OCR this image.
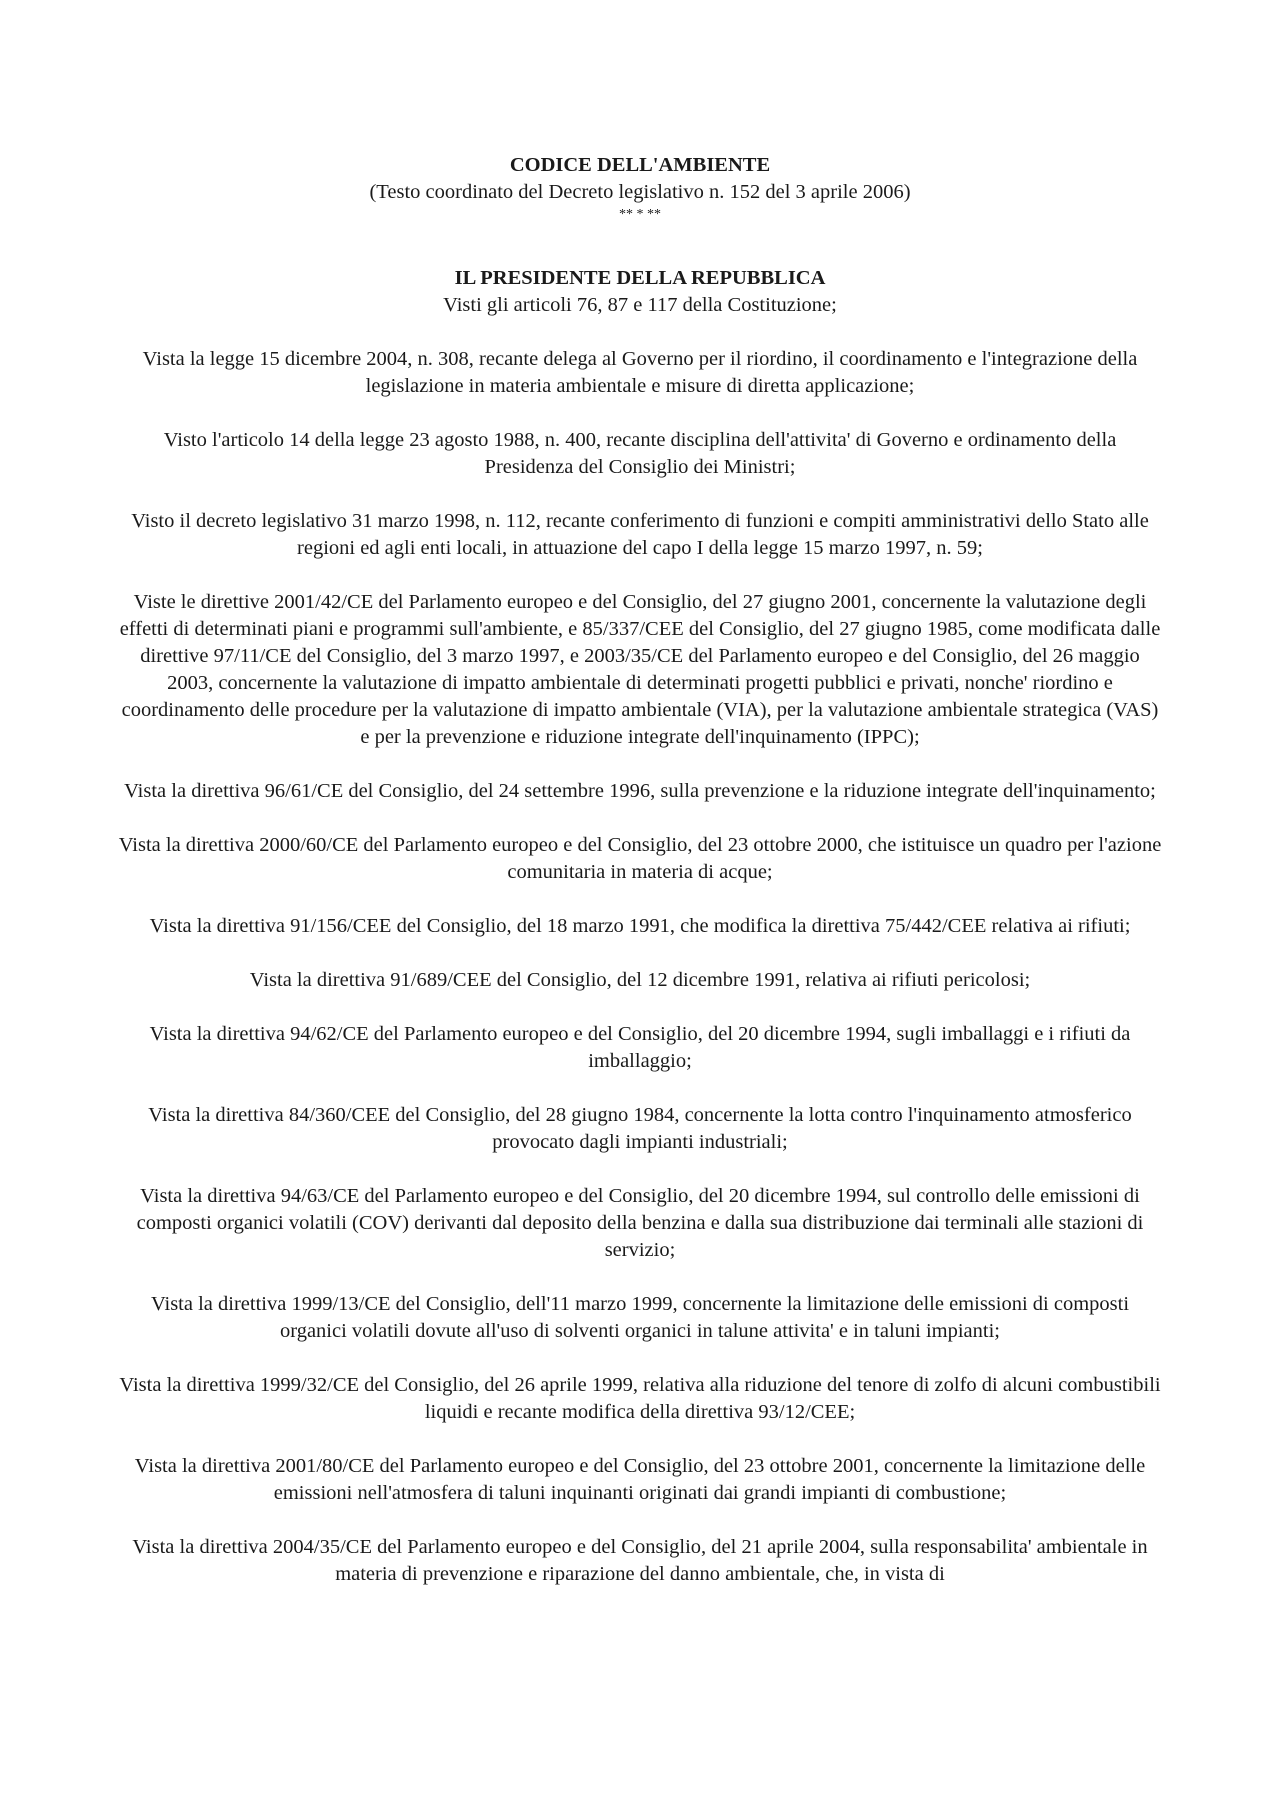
CODICE DELL'AMBIENTE

(Testo coordinato del Decreto legislativo n. 152 del 3 aprile 2006)

** * **

IL PRESIDENTE DELLA REPUBBLICA

Visti gli articoli 76, 87 e 117 della Costituzione;

Vista la legge 15 dicembre 2004, n. 308, recante delega al Governo per il riordino, il coordinamento e l'integrazione della legislazione in materia ambientale e misure di diretta applicazione;

Visto l'articolo 14 della legge 23 agosto 1988, n. 400, recante disciplina dell'attivita' di Governo e ordinamento della Presidenza del Consiglio dei Ministri;

Visto il decreto legislativo 31 marzo 1998, n. 112, recante conferimento di funzioni e compiti amministrativi dello Stato alle regioni ed agli enti locali, in attuazione del capo I della legge 15 marzo 1997, n. 59;

Viste le direttive 2001/42/CE del Parlamento europeo e del Consiglio, del 27 giugno 2001, concernente la valutazione degli effetti di determinati piani e programmi sull'ambiente, e 85/337/CEE del Consiglio, del 27 giugno 1985, come modificata dalle direttive 97/11/CE del Consiglio, del 3 marzo 1997, e 2003/35/CE del Parlamento europeo e del Consiglio, del 26 maggio 2003, concernente la valutazione di impatto ambientale di determinati progetti pubblici e privati, nonche' riordino e coordinamento delle procedure per la valutazione di impatto ambientale (VIA), per la valutazione ambientale strategica (VAS) e per la prevenzione e riduzione integrate dell'inquinamento (IPPC);

Vista la direttiva 96/61/CE del Consiglio, del 24 settembre 1996, sulla prevenzione e la riduzione integrate dell'inquinamento;

Vista la direttiva 2000/60/CE del Parlamento europeo e del Consiglio, del 23 ottobre 2000, che istituisce un quadro per l'azione comunitaria in materia di acque;

Vista la direttiva 91/156/CEE del Consiglio, del 18 marzo 1991, che modifica la direttiva 75/442/CEE relativa ai rifiuti;

Vista la direttiva 91/689/CEE del Consiglio, del 12 dicembre 1991, relativa ai rifiuti pericolosi;

Vista la direttiva 94/62/CE del Parlamento europeo e del Consiglio, del 20 dicembre 1994, sugli imballaggi e i rifiuti da imballaggio;

Vista la direttiva 84/360/CEE del Consiglio, del 28 giugno 1984, concernente la lotta contro l'inquinamento atmosferico provocato dagli impianti industriali;

Vista la direttiva 94/63/CE del Parlamento europeo e del Consiglio, del 20 dicembre 1994, sul controllo delle emissioni di composti organici volatili (COV) derivanti dal deposito della benzina e dalla sua distribuzione dai terminali alle stazioni di servizio;

Vista la direttiva 1999/13/CE del Consiglio, dell'11 marzo 1999, concernente la limitazione delle emissioni di composti organici volatili dovute all'uso di solventi organici in talune attivita' e in taluni impianti;

Vista la direttiva 1999/32/CE del Consiglio, del 26 aprile 1999, relativa alla riduzione del tenore di zolfo di alcuni combustibili liquidi e recante modifica della direttiva 93/12/CEE;

Vista la direttiva 2001/80/CE del Parlamento europeo e del Consiglio, del 23 ottobre 2001, concernente la limitazione delle emissioni nell'atmosfera di taluni inquinanti originati dai grandi impianti di combustione;

Vista la direttiva 2004/35/CE del Parlamento europeo e del Consiglio, del 21 aprile 2004, sulla responsabilita' ambientale in materia di prevenzione e riparazione del danno ambientale, che, in vista di
